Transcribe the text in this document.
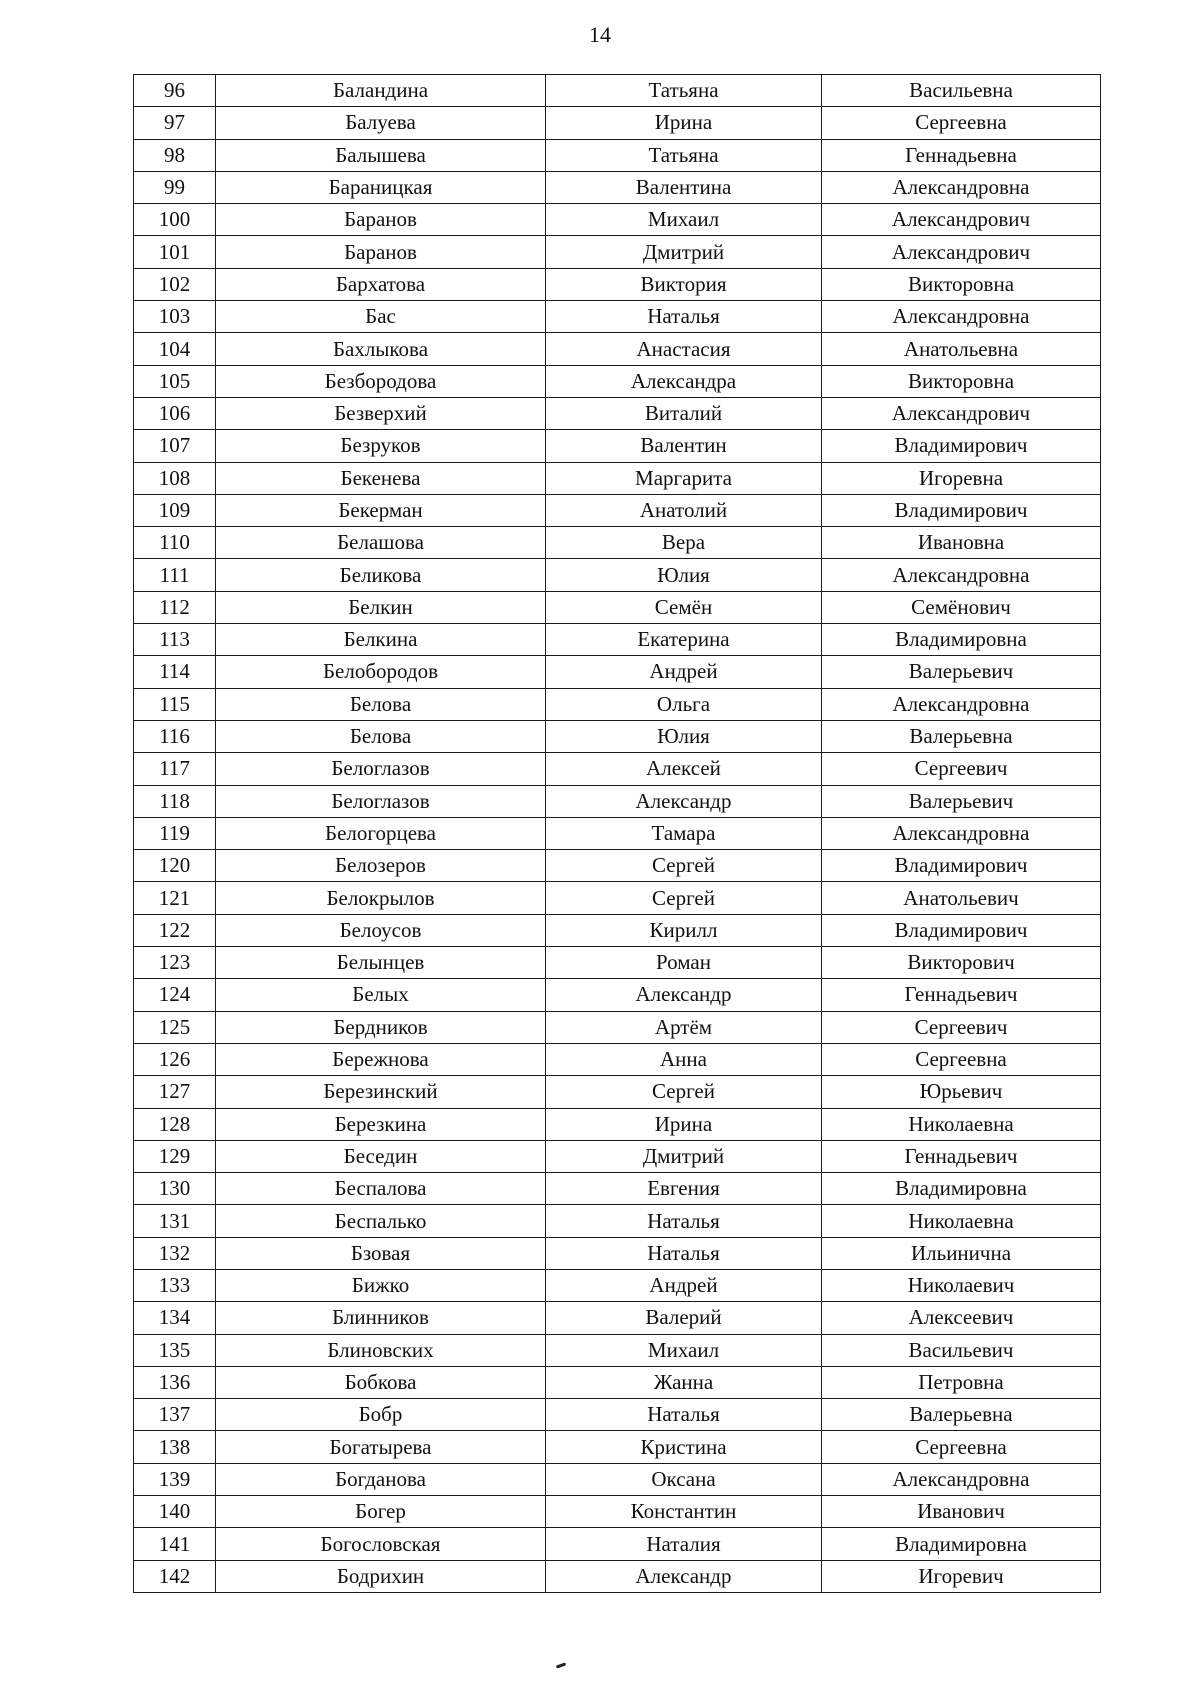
14
96	Баландина	Татьяна	Васильевна
97	Балуева	Ирина	Сергеевна
98	Балышева	Татьяна	Геннадьевна
99	Бараницкая	Валентина	Александровна
100	Баранов	Михаил	Александрович
101	Баранов	Дмитрий	Александрович
102	Бархатова	Виктория	Викторовна
103	Бас	Наталья	Александровна
104	Бахлыкова	Анастасия	Анатольевна
105	Безбородова	Александра	Викторовна
106	Безверхий	Виталий	Александрович
107	Безруков	Валентин	Владимирович
108	Бекенева	Маргарита	Игоревна
109	Бекерман	Анатолий	Владимирович
110	Белашова	Вера	Ивановна
111	Беликова	Юлия	Александровна
112	Белкин	Семён	Семёнович
113	Белкина	Екатерина	Владимировна
114	Белобородов	Андрей	Валерьевич
115	Белова	Ольга	Александровна
116	Белова	Юлия	Валерьевна
117	Белоглазов	Алексей	Сергеевич
118	Белоглазов	Александр	Валерьевич
119	Белогорцева	Тамара	Александровна
120	Белозеров	Сергей	Владимирович
121	Белокрылов	Сергей	Анатольевич
122	Белоусов	Кирилл	Владимирович
123	Белынцев	Роман	Викторович
124	Белых	Александр	Геннадьевич
125	Бердников	Артём	Сергеевич
126	Бережнова	Анна	Сергеевна
127	Березинский	Сергей	Юрьевич
128	Березкина	Ирина	Николаевна
129	Беседин	Дмитрий	Геннадьевич
130	Беспалова	Евгения	Владимировна
131	Беспалько	Наталья	Николаевна
132	Бзовая	Наталья	Ильинична
133	Бижко	Андрей	Николаевич
134	Блинников	Валерий	Алексеевич
135	Блиновских	Михаил	Васильевич
136	Бобкова	Жанна	Петровна
137	Бобр	Наталья	Валерьевна
138	Богатырева	Кристина	Сергеевна
139	Богданова	Оксана	Александровна
140	Богер	Константин	Иванович
141	Богословская	Наталия	Владимировна
142	Бодрихин	Александр	Игоревич
